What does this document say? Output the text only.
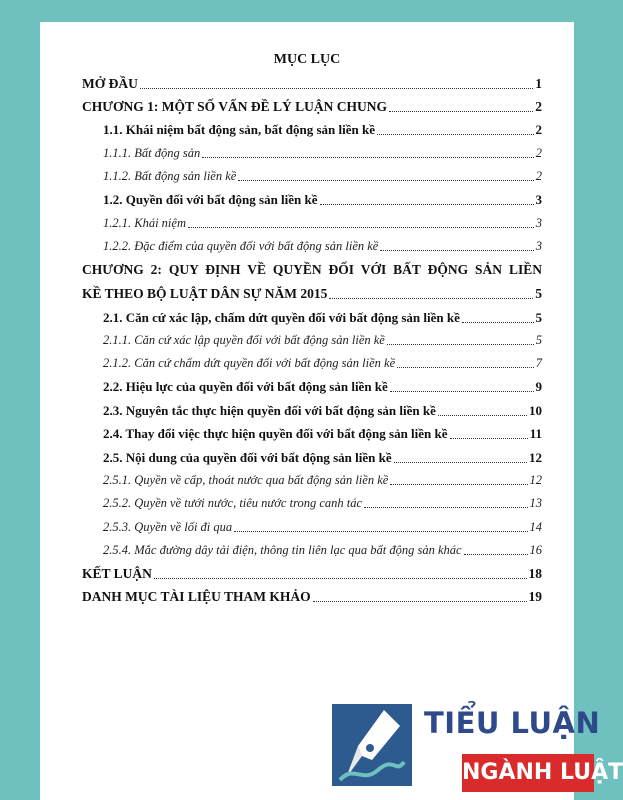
MỤC LỤC
MỞ ĐẦU	1
CHƯƠNG 1: MỘT SỐ VẤN ĐỀ LÝ LUẬN CHUNG	2
1.1. Khái niệm bất động sản, bất động sản liền kề	2
1.1.1. Bất động sản	2
1.1.2. Bất động sản liền kề	2
1.2. Quyền đối với bất động sản liền kề	3
1.2.1. Khái niệm	3
1.2.2. Đặc điểm của quyền đối với bất động sản liền kề	3
CHƯƠNG 2: QUY ĐỊNH VỀ QUYỀN ĐỐI VỚI BẤT ĐỘNG SẢN LIỀN
KỀ THEO BỘ LUẬT DÂN SỰ NĂM 2015	5
2.1. Căn cứ xác lập, chấm dứt quyền đối với bất động sản liền kề	5
2.1.1. Căn cứ xác lập quyền đối với bất động sản liền kề	5
2.1.2. Căn cứ chấm dứt quyền đối với bất động sản liền kề	7
2.2. Hiệu lực của quyền đối với bất động sản liền kề	9
2.3. Nguyên tắc thực hiện quyền đối với bất động sản liền kề	10
2.4. Thay đổi việc thực hiện quyền đối với bất động sản liền kề	11
2.5. Nội dung của quyền đối với bất động sản liền kề	12
2.5.1. Quyền về cấp, thoát nước qua bất động sản liền kề	12
2.5.2. Quyền về tưới nước, tiêu nước trong canh tác	13
2.5.3. Quyền về lối đi qua	14
2.5.4. Mắc đường dây tải điện, thông tin liên lạc qua bất động sản khác	16
KẾT LUẬN	18
DANH MỤC TÀI LIỆU THAM KHẢO	19
TIỂU LUẬN
NGÀNH LUẬT
